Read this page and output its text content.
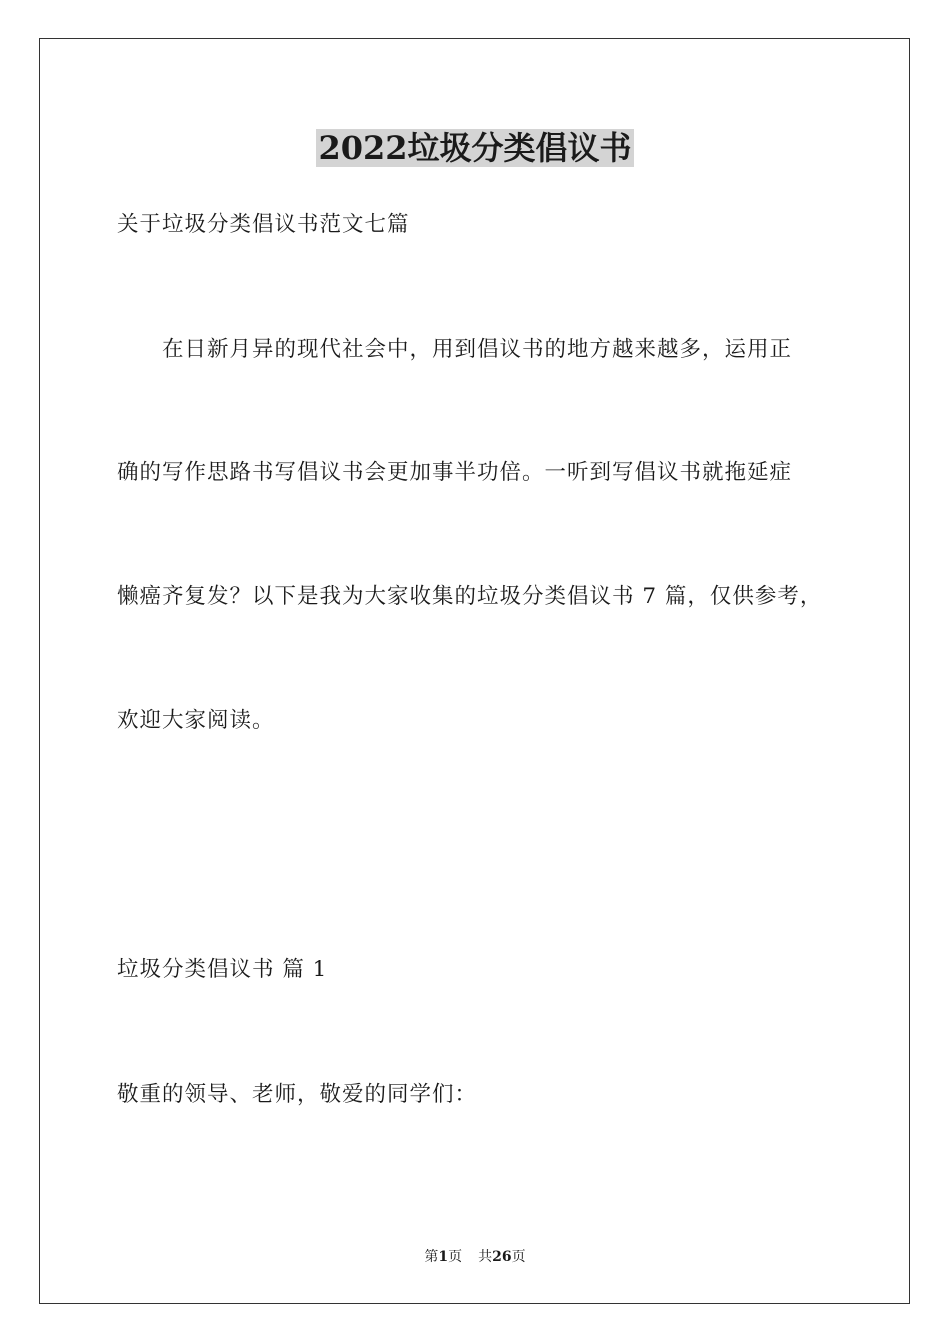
2022垃圾分类倡议书
关于垃圾分类倡议书范文七篇
　　在日新月异的现代社会中，用到倡议书的地方越来越多，运用正
确的写作思路书写倡议书会更加事半功倍。一听到写倡议书就拖延症
懒癌齐复发？以下是我为大家收集的垃圾分类倡议书 7 篇，仅供参考，
欢迎大家阅读。
垃圾分类倡议书 篇 1
敬重的领导、老师，敬爱的同学们：
第1页 共26页
